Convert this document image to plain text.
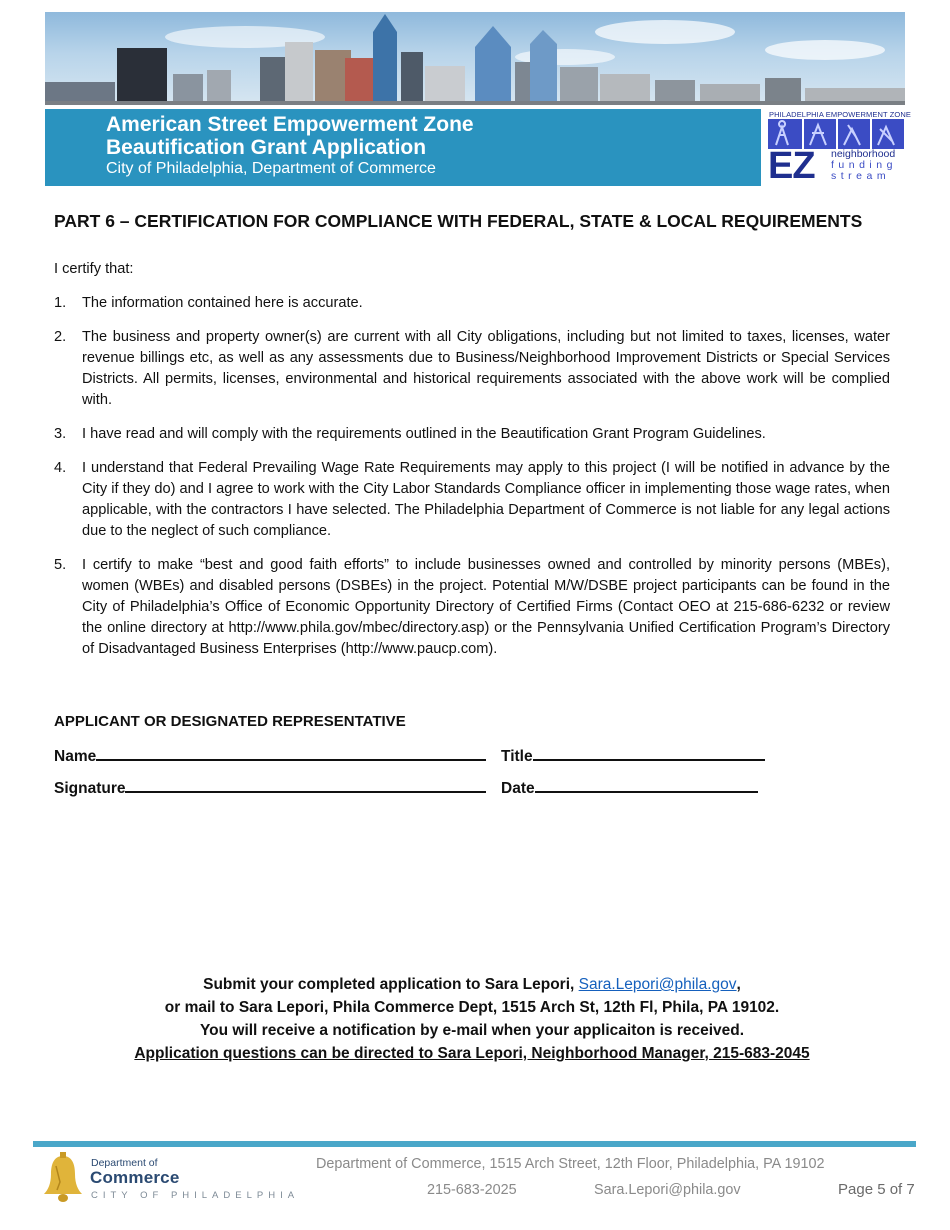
American Street Empowerment Zone
Beautification Grant Application
City of Philadelphia, Department of Commerce
PHILADELPHIA EMPOWERMENT ZONE
EZ neighborhood
funding
stream
PART 6 – CERTIFICATION FOR COMPLIANCE WITH FEDERAL, STATE & LOCAL REQUIREMENTS
I certify that:
1. The information contained here is accurate.
2. The business and property owner(s) are current with all City obligations, including but not limited to taxes, licenses, water revenue billings etc, as well as any assessments due to Business/Neighborhood Improvement Districts or Special Services Districts. All permits, licenses, environmental and historical requirements associated with the above work will be complied with.
3. I have read and will comply with the requirements outlined in the Beautification Grant Program Guidelines.
4. I understand that Federal Prevailing Wage Rate Requirements may apply to this project (I will be notified in advance by the City if they do) and I agree to work with the City Labor Standards Compliance officer in implementing those wage rates, when applicable, with the contractors I have selected. The Philadelphia Department of Commerce is not liable for any legal actions due to the neglect of such compliance.
5. I certify to make “best and good faith efforts” to include businesses owned and controlled by minority persons (MBEs), women (WBEs) and disabled persons (DSBEs) in the project. Potential M/W/DSBE project participants can be found in the City of Philadelphia’s Office of Economic Opportunity Directory of Certified Firms (Contact OEO at 215-686-6232 or review the online directory at http://www.phila.gov/mbec/directory.asp) or the Pennsylvania Unified Certification Program’s Directory of Disadvantaged Business Enterprises (http://www.paucp.com).
APPLICANT OR DESIGNATED REPRESENTATIVE
Name	Title
Signature	Date
Submit your completed application to Sara Lepori, Sara.Lepori@phila.gov,
or mail to Sara Lepori, Phila Commerce Dept, 1515 Arch St, 12th Fl, Phila, PA 19102.
You will receive a notification by e-mail when your applicaiton is received.
Application questions can be directed to Sara Lepori, Neighborhood Manager, 215-683-2045
Department of
Commerce
CITY OF PHILADELPHIA
Department of Commerce, 1515 Arch Street, 12th Floor, Philadelphia, PA 19102
215-683-2025	Sara.Lepori@phila.gov	Page 5 of 7
